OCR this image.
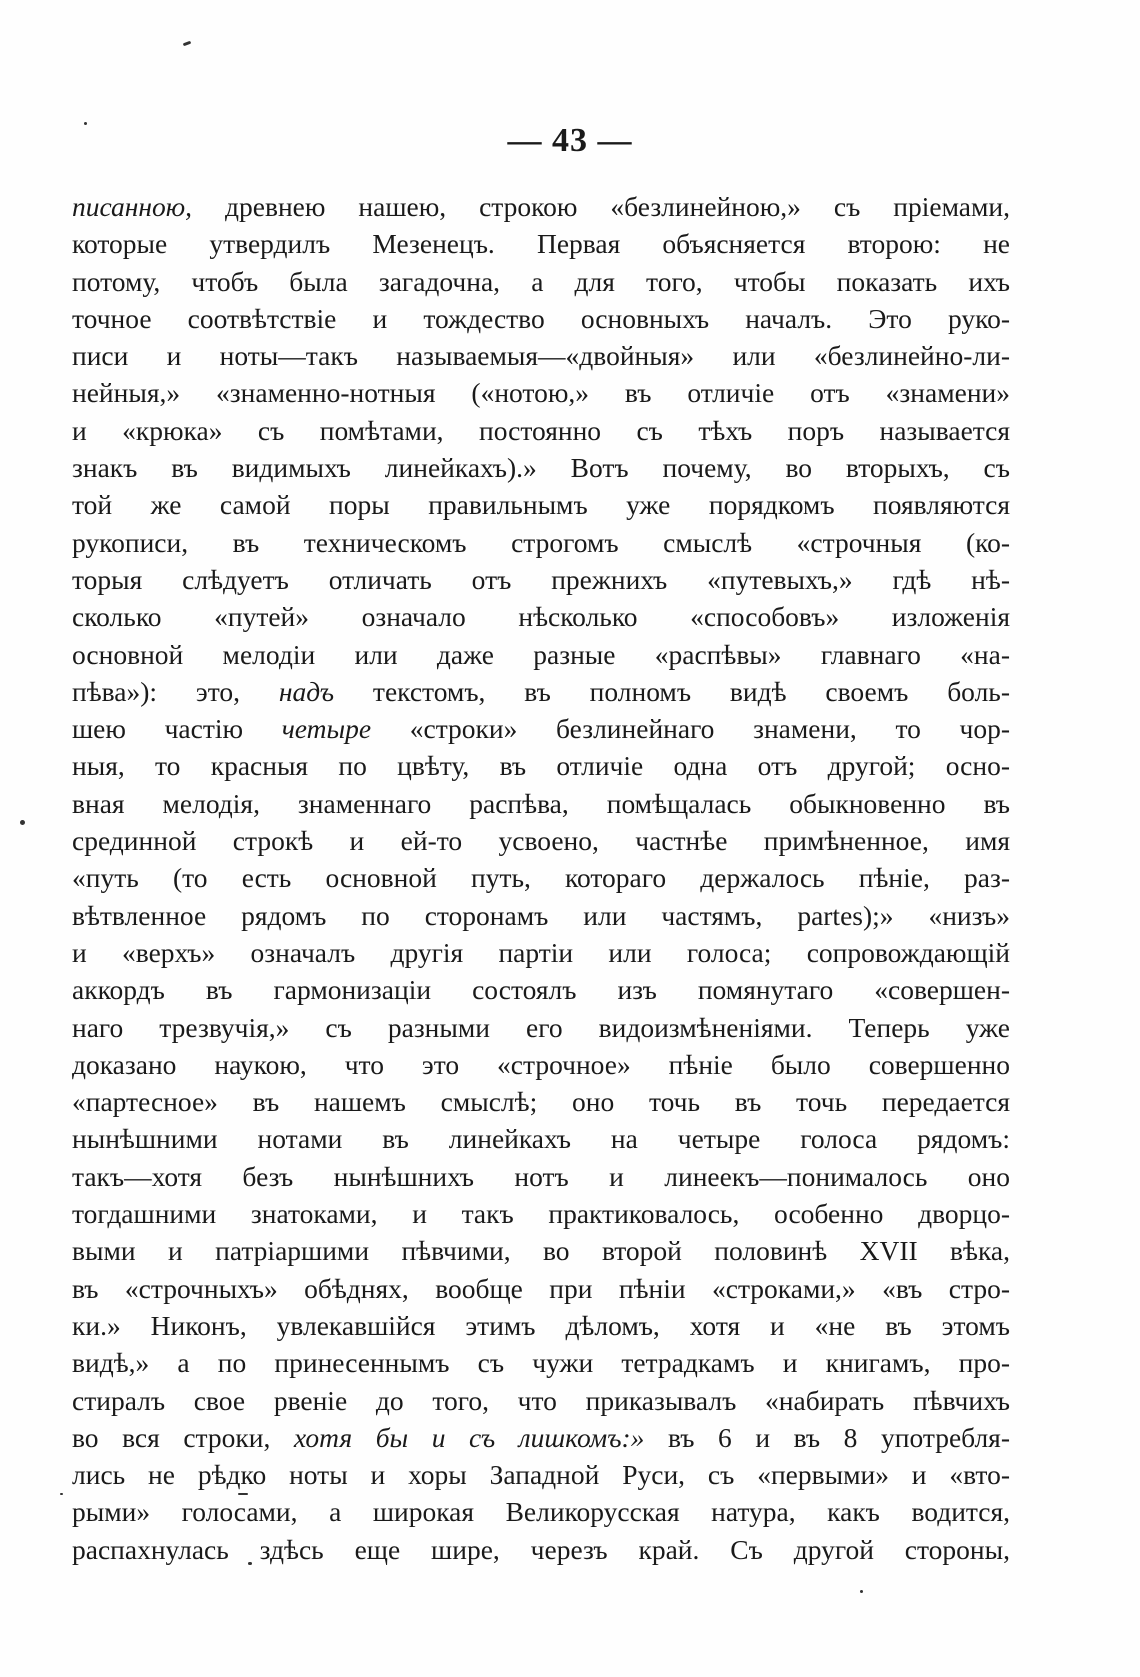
— 43 —
писанною, древнею нашею, строкою «безлинейною,» съ пріемами,
которые утвердилъ Мезенецъ. Первая объясняется второю: не
потому, чтобъ была загадочна, а для того, чтобы показать ихъ
точное соотвѣтствіе и тождество основныхъ началъ. Это руко-
писи и ноты—такъ называемыя—«двойныя» или «безлинейно-ли-
нейныя,» «знаменно-нотныя («нотою,» въ отличіе отъ «знамени»
и «крюка» съ помѣтами, постоянно съ тѣхъ поръ называется
знакъ въ видимыхъ линейкахъ).» Вотъ почему, во вторыхъ, съ
той же самой поры правильнымъ уже порядкомъ появляются
рукописи, въ техническомъ строгомъ смыслѣ «строчныя (ко-
торыя слѣдуетъ отличать отъ прежнихъ «путевыхъ,» гдѣ нѣ-
сколько «путей» означало нѣсколько «способовъ» изложенія
основной мелодіи или даже разные «распѣвы» главнаго «на-
пѣва»): это, надъ текстомъ, въ полномъ видѣ своемъ боль-
шею частію четыре «строки» безлинейнаго знамени, то чор-
ныя, то красныя по цвѣту, въ отличіе одна отъ другой; осно-
вная мелодія, знаменнаго распѣва, помѣщалась обыкновенно въ
срединной строкѣ и ей-то усвоено, частнѣе примѣненное, имя
«путь (то есть основной путь, котораго держалось пѣніе, раз-
вѣтвленное рядомъ по сторонамъ или частямъ, partes);» «низъ»
и «верхъ» означалъ другія партіи или голоса; сопровождающій
аккордъ въ гармонизаціи состоялъ изъ помянутаго «совершен-
наго трезвучія,» съ разными его видоизмѣненіями. Теперь уже
доказано наукою, что это «строчное» пѣніе было совершенно
«партесное» въ нашемъ смыслѣ; оно точь въ точь передается
нынѣшними нотами въ линейкахъ на четыре голоса рядомъ:
такъ—хотя безъ нынѣшнихъ нотъ и линеекъ—понималось оно
тогдашними знатоками, и такъ практиковалось, особенно дворцо-
выми и патріаршими пѣвчими, во второй половинѣ XVII вѣка,
въ «строчныхъ» обѣднях, вообще при пѣніи «строками,» «въ стро-
ки.» Никонъ, увлекавшійся этимъ дѣломъ, хотя и «не въ этомъ
видѣ,» а по принесеннымъ съ чужи тетрадкамъ и книгамъ, про-
стиралъ свое рвеніе до того, что приказывалъ «набирать пѣвчихъ
во вся строки, хотя бы и съ лишкомъ:» въ 6 и въ 8 употребля-
лись не рѣдко ноты и хоры Западной Руси, съ «первыми» и «вто-
рыми» голосами, а широкая Великорусская натура, какъ водится,
распахнулась здѣсь еще шире, черезъ край. Съ другой стороны,
